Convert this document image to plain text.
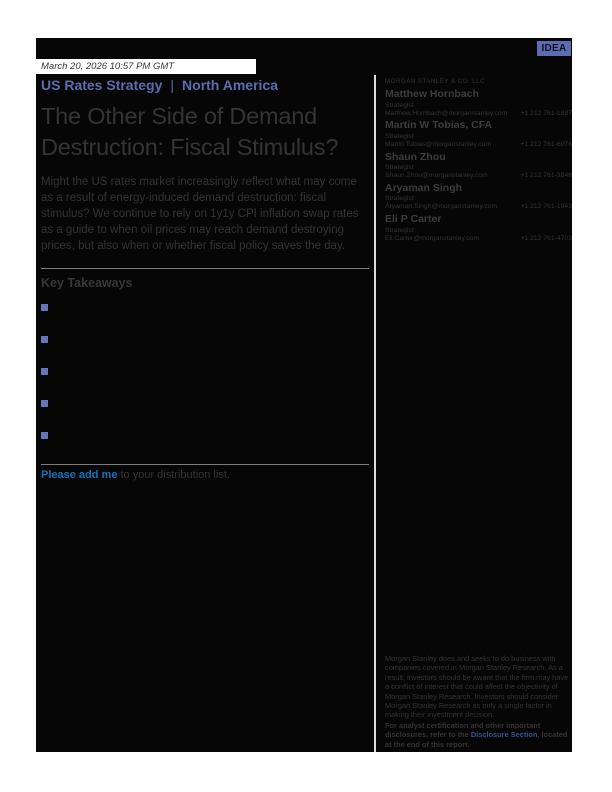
IDEA
March 20, 2026 10:57 PM GMT
US Rates Strategy | North America
The Other Side of Demand
Destruction: Fiscal Stimulus?
Might the US rates market increasingly reflect what may come as a result of energy-induced demand destruction: fiscal stimulus? We continue to rely on 1y1y CPI inflation swap rates as a guide to when oil prices may reach demand destroying prices, but also when or whether fiscal policy saves the day.
Key Takeaways
Please add me to your distribution list.
MORGAN STANLEY & CO. LLC
Matthew Hornbach
Strategist
Matthew.Hornbach@morganstanley.com +1 212 761-1837
Martin W Tobias, CFA
Strategist
Martin.Tobias@morganstanley.com	+1 212 761-6076
Shaun Zhou
Strategist
Shaun.Zhou@morganstanley.com	+1 212 761-3846
Aryaman Singh
Strategist
Aryaman.Singh@morganstanley.com	+1 212 761-1943
Eli P Carter
Strategist
Eli.Carter@morganstanley.com	+1 212 761-4703
Morgan Stanley does and seeks to do business with companies covered in Morgan Stanley Research. As a result, investors should be aware that the firm may have a conflict of interest that could affect the objectivity of Morgan Stanley Research. Investors should consider Morgan Stanley Research as only a single factor in making their investment decision.
For analyst certification and other important disclosures, refer to the Disclosure Section, located at the end of this report.
